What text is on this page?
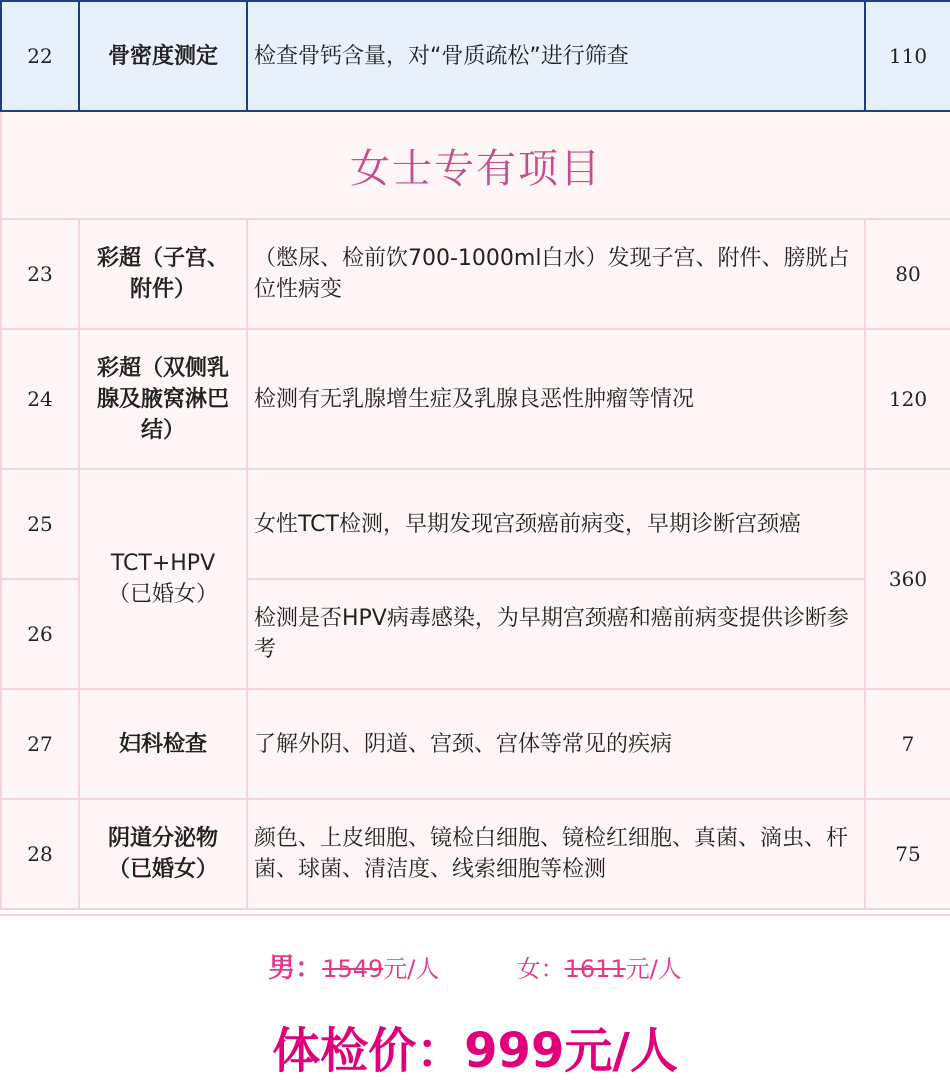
22	骨密度测定	检查骨钙含量，对“骨质疏松”进行筛查	110
女士专有项目			
23	彩超（子宫、附件）	（憋尿、检前饮700-1000ml白水）发现子宫、附件、膀胱占位性病变	80
24	彩超（双侧乳腺及腋窝淋巴结）	检测有无乳腺增生症及乳腺良恶性肿瘤等情况	120
25	TCT+HPV（已婚女）	女性TCT检测，早期发现宫颈癌前病变，早期诊断宫颈癌	360
26		检测是否HPV病毒感染，为早期宫颈癌和癌前病变提供诊断参考	
27	妇科检查	了解外阴、阴道、宫颈、宫体等常见的疾病	7
28	阴道分泌物（已婚女）	颜色、上皮细胞、镜检白细胞、镜检红细胞、真菌、滴虫、杆菌、球菌、清洁度、线索细胞等检测	75
男：1549元/人	女：1611元/人
体检价：999元/人
